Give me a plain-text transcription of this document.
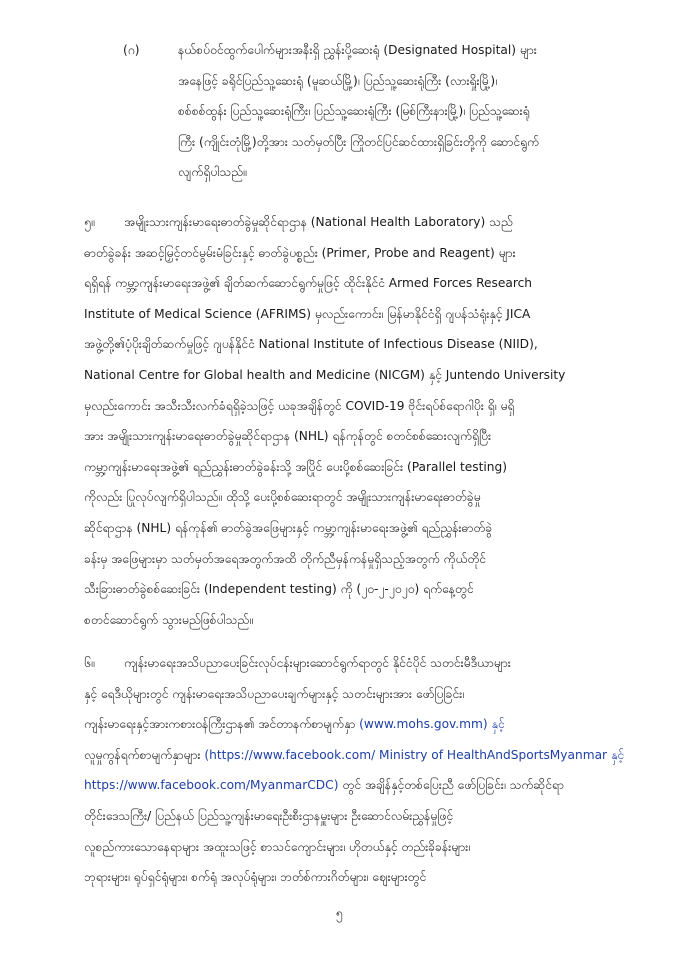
(ဂ)	နယ်စပ်ဝင်ထွက်ပေါက်များအနီးရှိ ညွှန်းပို့ဆေးရုံ (Designated Hospital) များ
အနေဖြင့် ခရိုင်ပြည်သူ့ဆေးရုံ (မူဆယ်မြို့)၊ ပြည်သူ့ဆေးရုံကြီး (လားရှိုးမြို့)၊
စစ်စစ်ထွန်း ပြည်သူ့ဆေးရုံကြီး၊ ပြည်သူ့ဆေးရုံကြီး (မြစ်ကြီးနားမြို့)၊ ပြည်သူ့ဆေးရုံ
ကြီး (ကျိုင်းတုံမြို့)တို့အား သတ်မှတ်ပြီး ကြိုတင်ပြင်ဆင်ထားရှိခြင်းတို့ကို ဆောင်ရွက်
လျက်ရှိပါသည်။
၅။	အမျိုးသားကျန်းမာရေးဓာတ်ခွဲမှုဆိုင်ရာဌာန (National Health Laboratory) သည်
ဓာတ်ခွဲခန်း အဆင့်မြှင့်တင်မွမ်းမံခြင်းနှင့် ဓာတ်ခွဲပစ္စည်း (Primer, Probe and Reagent) များ
ရရှိရန် ကမ္ဘာ့ကျန်းမာရေးအဖွဲ့၏ ချိတ်ဆက်ဆောင်ရွက်မှုဖြင့် ထိုင်းနိုင်ငံ Armed Forces Research
Institute of Medical Science (AFRIMS) မှလည်းကောင်း၊ မြန်မာနိုင်ငံရှိ ဂျပန်သံရုံးနှင့် JICA
အဖွဲ့တို့၏ပံ့ပိုးချိတ်ဆက်မှုဖြင့် ဂျပန်နိုင်ငံ National Institute of Infectious Disease (NIID),
National Centre for Global health and Medicine (NICGM) နှင့် Juntendo University
မှလည်းကောင်း အသီးသီးလက်ခံရရှိခဲ့သဖြင့် ယခုအချိန်တွင် COVID-19 ဗိုင်းရပ်စ်ရောဂါပိုး ရှိ၊ မရှိ
အား အမျိုးသားကျန်းမာရေးဓာတ်ခွဲမှုဆိုင်ရာဌာန (NHL) ရန်ကုန်တွင် စတင်စစ်ဆေးလျက်ရှိပြီး
ကမ္ဘာ့ကျန်းမာရေးအဖွဲ့၏ ရည်ညွှန်းဓာတ်ခွဲခန်းသို့ အပြိုင် ပေးပို့စစ်ဆေးခြင်း (Parallel testing)
ကိုလည်း ပြုလုပ်လျက်ရှိပါသည်။ ထိုသို့ ပေးပို့စစ်ဆေးရာတွင် အမျိုးသားကျန်းမာရေးဓာတ်ခွဲမှု
ဆိုင်ရာဌာန (NHL) ရန်ကုန်၏ ဓာတ်ခွဲအဖြေများနှင့် ကမ္ဘာ့ကျန်းမာရေးအဖွဲ့၏ ရည်ညွှန်းဓာတ်ခွဲ
ခန်းမှ အဖြေများမှာ သတ်မှတ်အရေအတွက်အထိ တိုက်ညီမှန်ကန်မှုရှိသည့်အတွက် ကိုယ်တိုင်
သီးခြားဓာတ်ခွဲစစ်ဆေးခြင်း (Independent testing) ကို (၂၀-၂-၂၀၂၀) ရက်နေ့တွင်
စတင်ဆောင်ရွက် သွားမည်ဖြစ်ပါသည်။
၆။	ကျန်းမာရေးအသိပညာပေးခြင်းလုပ်ငန်းများဆောင်ရွက်ရာတွင် နိုင်ငံပိုင် သတင်းမီဒီယာများ
နှင့် ရေဒီယိုများတွင် ကျန်းမာရေးအသိပညာပေးချက်များနှင့် သတင်းများအား ဖော်ပြခြင်း၊
ကျန်းမာရေးနှင့်အားကစားဝန်ကြီးဌာန၏ အင်တာနက်စာမျက်နှာ (www.mohs.gov.mm) နှင့်
လူမှုကွန်ရက်စာမျက်နှာများ (https://www.facebook.com/ Ministry of HealthAndSportsMyanmar နှင့်
https://www.facebook.com/MyanmarCDC) တွင် အချိန်နှင့်တစ်ပြေးညီ ဖော်ပြခြင်း၊ သက်ဆိုင်ရာ
တိုင်းဒေသကြီး/ ပြည်နယ် ပြည်သူ့ကျန်းမာရေးဦးစီးဌာနမှူးများ ဦးဆောင်လမ်းညွှန်မှုဖြင့်
လူစည်ကားသောနေရာများ အထူးသဖြင့် စာသင်ကျောင်းများ၊ ဟိုတယ်နှင့် တည်းခိုခန်းများ၊
ဘုရားများ၊ ရုပ်ရှင်ရုံများ၊ စက်ရုံ အလုပ်ရုံများ၊ ဘတ်စ်ကားဂိတ်များ၊ ဈေးများတွင်
၅
